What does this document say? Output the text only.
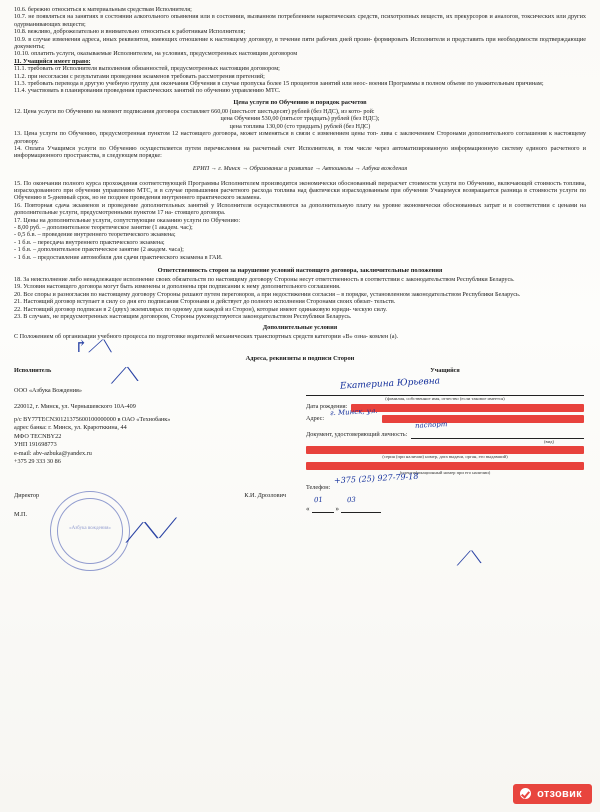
10.6. бережно относиться к материальным средствам Исполнителя;

10.7. не появляться на занятиях в состоянии алкогольного опьянения или в состоянии, вызванном потреблением наркотических средств, психотропных веществ, их прекурсоров и аналогов, токсических или других одурманивающих веществ;

10.8. вежливо, доброжелательно и внимательно относиться к работникам Исполнителя;

10.9. в случае изменения адреса, иных реквизитов, имеющих отношение к настоящему договору, в течение пяти рабочих дней проин- формировать Исполнителя и представить при необходимости подтверждающие документы;

10.10. оплатить услуги, оказываемые Исполнителем, на условиях, предусмотренных настоящим договором

11. Учащийся имеет право:

11.1. требовать от Исполнителя выполнения обязанностей, предусмотренных настоящим договором;

11.2. при несогласии с результатами проведения экзаменов требовать рассмотрения претензий;

11.3. требовать перевода в другую учебную группу для окончания Обучения в случае пропуска более 15 процентов занятий или неос- воения Программы в полном объеме по уважительным причинам;

11.4. участвовать в планировании проведения практических занятий по обучению управлению МТС.

Цена услуги по Обучению и порядок расчетов

12. Цена услуги по Обучению на момент подписания договора составляет 660,00 (шестьсот шестьдесят) рублей (без НДС), из кото- рой:

цена Обучения 530,00 (пятьсот тридцать) рублей (без НДС);

цена топлива 130,00 (сто тридцать) рублей (без НДС)

13. Цена услуги по Обучению, предусмотренная пунктом 12 настоящего договора, может изменяться в связи с изменением цены топ- лива с заключением Сторонами дополнительного соглашения к настоящему договору.

14. Оплата Учащимся услуги по Обучению осуществляется путем перечисления на расчетный счет Исполнителя, в том числе через автоматизированную информационную систему единого расчетного и информационного пространства, в следующем порядке:

ЕРИП → г. Минск → Образование и развитие → Автошколы → Азбука вождения

15. По окончании полного курса прохождения соответствующей Программы Исполнителем производится экономически обоснованный перерасчет стоимости услуги по Обучению, включающей стоимость топлива, израсходованного при обучении управлению МТС, и в случае превышения расчетного расхода топлива над фактически израсходованным при обучении Учащемуся возвращается разница в стоимости услуги по Обучению в 5-дневный срок, но не позднее проведения внутреннего практического экзамена.

16. Повторная сдача экзаменов и проведение дополнительных занятий у Исполнителя осуществляются за дополнительную плату на уровне экономически обоснованных затрат и в соответствии с ценами на дополнительные услуги, предусмотренными пунктом 17 на- стоящего договора.

17. Цены на дополнительные услуги, сопутствующие оказанию услуги по Обучению:

- 8,00 руб. – дополнительное теоретическое занятие (1 академ. час);

- 0,5 б.в. – проведение внутреннего теоретического экзамена;

- 1 б.в. – пересдача внутреннего практического экзамена;

- 1 б.в. – дополнительное практическое занятие (2 академ. часа);

- 1 б.в. – предоставление автомобиля для сдачи практического экзамена в ГАИ.

Ответственность сторон за нарушение условий настоящего договора, заключительные положения

18. За неисполнение либо ненадлежащее исполнение своих обязательств по настоящему договору Стороны несут ответственность в соответствии с законодательством Республики Беларусь.

19. Условия настоящего договора могут быть изменены и дополнены при подписании к нему дополнительного соглашения.

20. Все споры и разногласия по настоящему договору Стороны решают путем переговоров, а при недостижении согласия – в порядке, установленном законодательством Республики Беларусь.

21. Настоящий договор вступает в силу со дня его подписания Сторонами и действует до полного исполнения Сторонами своих обязат- тельств.

22. Настоящий договор подписан в 2 (двух) экземплярах по одному для каждой из Сторон), которые имеют одинаковую юриди- ческую силу.

23. В случаях, не предусмотренных настоящим договором, Стороны руководствуются законодательством Республики Беларусь.

Дополнительные условия

С Положением об организации учебного процесса по подготовке водителей механических транспортных средств категории «В» озна- комлен (а).

↱⟋⟍
Адреса, реквизиты и подписи Сторон
Исполнитель
ООО «Азбука Вождения»
220012, г. Минск, ул. Чернышевского 10А-409
р/с BY77TECN30121375600100000000 в ОАО «Технобанк»
адрес банка: г. Минск, ул. Краротккина, 44
МФО TECNBY22
УНП 191698773
e-mail: abv-azbuka@yandex.ru
+375 29 333 30 86
Директор	К.И. Дрозлович
М.П.
«Азбука вождения» ⟋⟍⟋
⟋⟍	Учащийся
Екатерина Юрьевна
(фамилия, собственное имя, отчество (если таковое имеется)
Дата рождения:
Адрес:
г. Минск, ул.
Документ, удостоверяющий личность:
паспорт
(вид)
(серия (при наличии) номер, дата выдачи, орган, его выдавший)
(идентификационный номер при его наличии)
Телефон:
+375 (25) 927-79-18
«
01
»
03
⟋⟍
отзовик
